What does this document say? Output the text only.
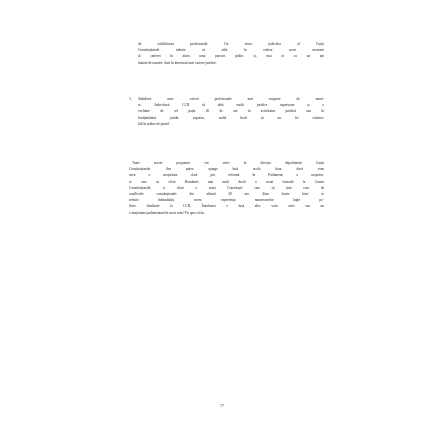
de echilibrarea profesională. Un viitor judecător al Curții
Constituționale trebuie să aibă în vedere acest moment
al carierei în afara unui parcurs politic și, mai ar cu un ani
înainte de numire, doar în interiorul unei cariere juridice.
3. Stabilirea unor criterii profesionale mai exigente de numi-
re. Judecătorii CCR să aibă studii juridice superioare și o
vechime de cel puțin 20 de ani în activitatea juridică sau în
învățământul juridic superior, astfel încât să nu fie vulnera-
bili la ordine de partid.
Toate aceste propuneri vin strict în direcția depolitizării Curții
Constituționale. Am putea ajunge însă acolo doar dacă vom
avea o majoritate clară pro reformă în Parlament, o majorita-
te care să ofere României mai mult decât o nouă formulă la Curtea
Constituțională, ci chiar o nouă Constituție care să țină cont de
conflictele constituționale din ultimii 30 ani. Știm foarte bine ce
trebuie îmbunătățit, avem experiența numeroaselor lupte po-
litice finalizate la CCR. Întrebarea e însă alta: vom avea sau nu
o majoritate parlamentară în acest sens? Eu sper că da.
17
